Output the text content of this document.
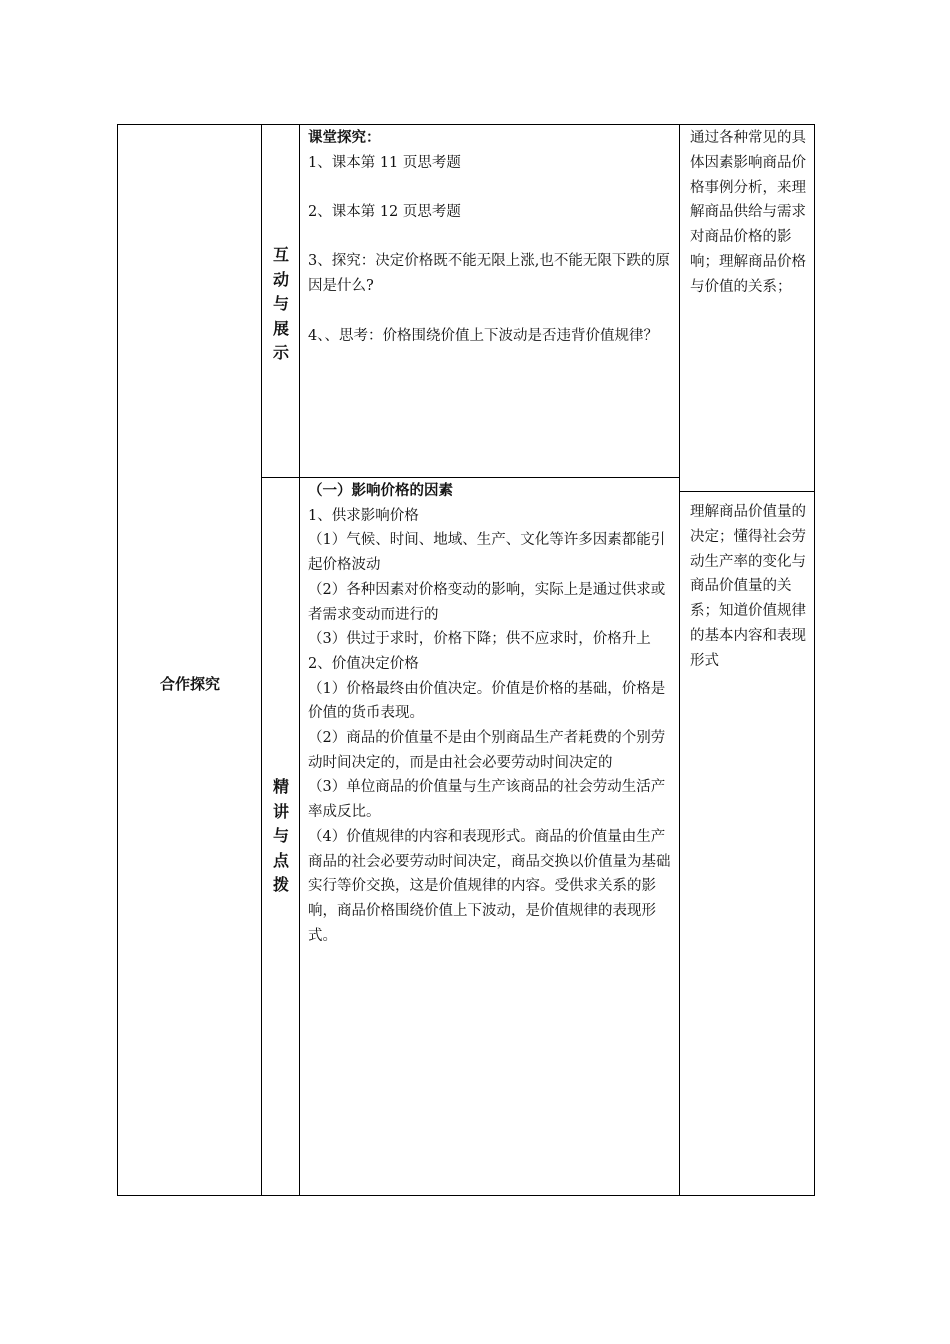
合作探究
互
动
与
展
示

课堂探究：

1、课本第 11 页思考题

2、课本第 12 页思考题

3、探究：决定价格既不能无限上涨,也不能无限下跌的原因是什么?

4、、思考：价格围绕价值上下波动是否违背价值规律？

通过各种常见的具体因素影响商品价格事例分析，来理解商品供给与需求对商品价格的影响；理解商品价格与价值的关系；

精
讲
与
点
拨

（一）影响价格的因素

1、供求影响价格

（1）气候、时间、地域、生产、文化等许多因素都能引起价格波动

（2）各种因素对价格变动的影响，实际上是通过供求或者需求变动而进行的

（3）供过于求时，价格下降；供不应求时，价格升上

2、价值决定价格

（1）价格最终由价值决定。价值是价格的基础，价格是价值的货币表现。

（2）商品的价值量不是由个别商品生产者耗费的个别劳动时间决定的，而是由社会必要劳动时间决定的

（3）单位商品的价值量与生产该商品的社会劳动生活产率成反比。

（4）价值规律的内容和表现形式。商品的价值量由生产商品的社会必要劳动时间决定，商品交换以价值量为基础实行等价交换，这是价值规律的内容。受供求关系的影响，商品价格围绕价值上下波动，是价值规律的表现形式。

理解商品价值量的决定；懂得社会劳动生产率的变化与商品价值量的关系；知道价值规律的基本内容和表现形式
